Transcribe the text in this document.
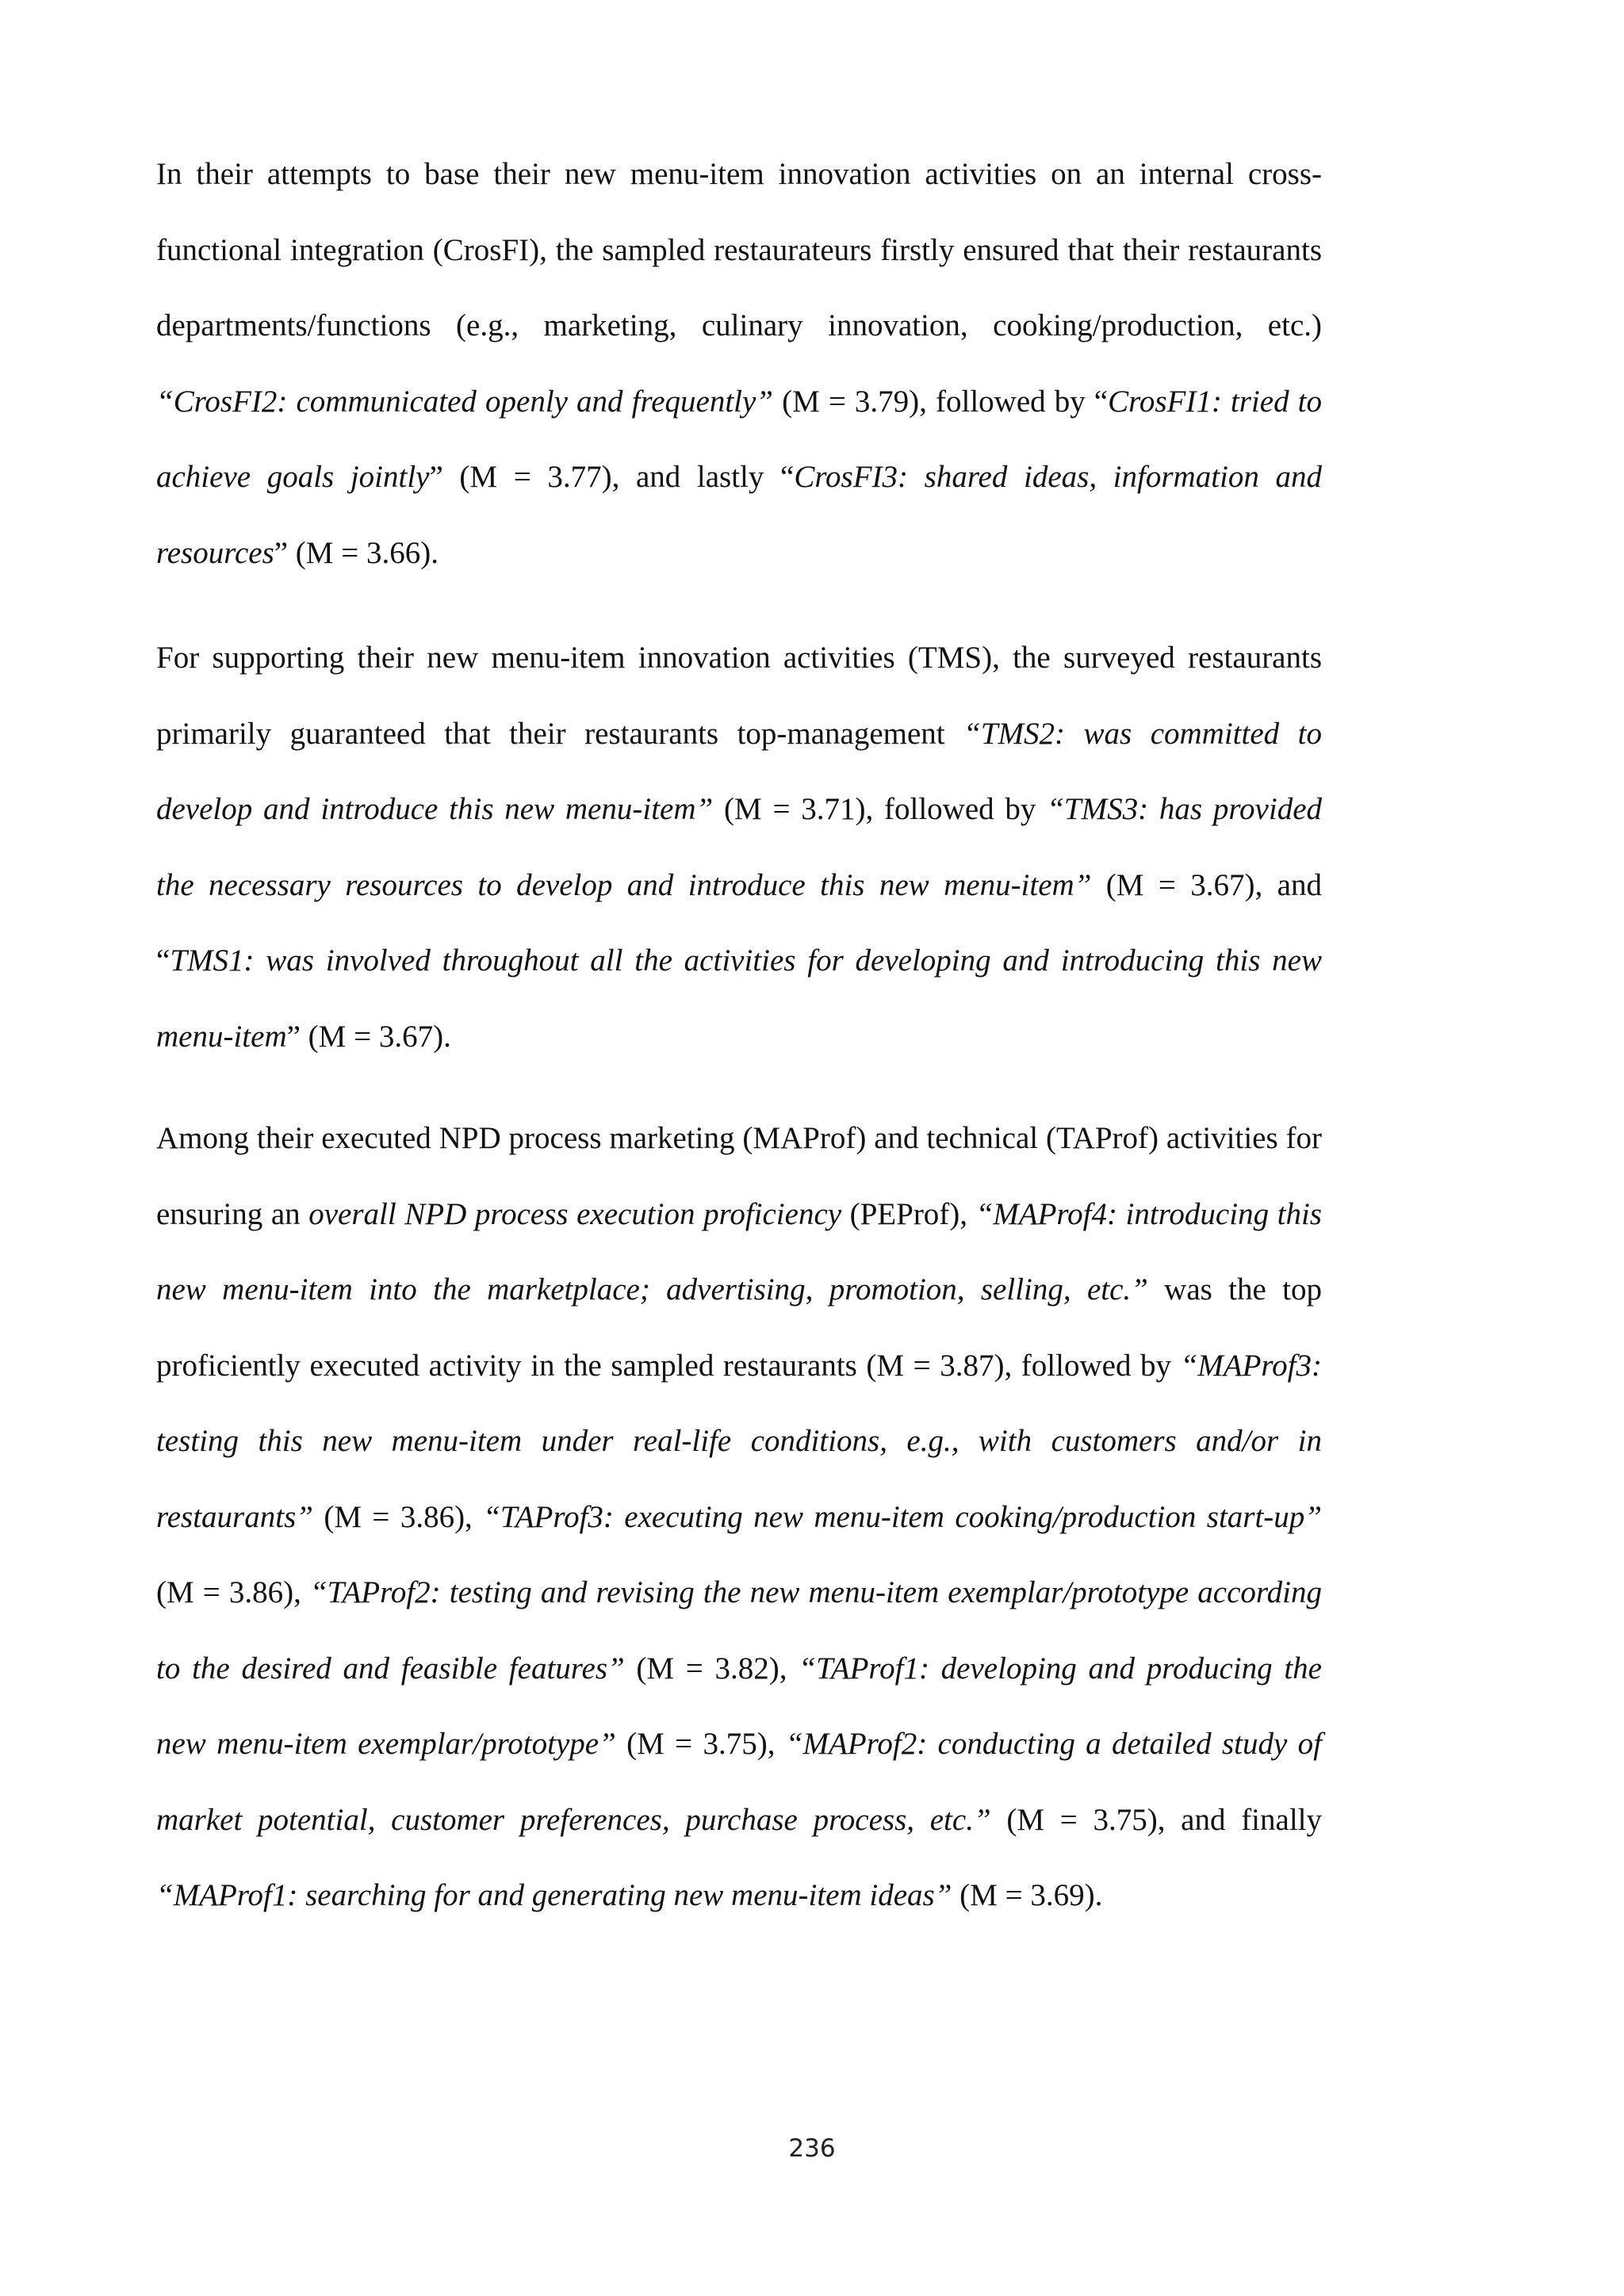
In their attempts to base their new menu-item innovation activities on an internal cross-functional integration (CrosFI), the sampled restaurateurs firstly ensured that their restaurants departments/functions (e.g., marketing, culinary innovation, cooking/production, etc.) “CrosFI2: communicated openly and frequently” (M = 3.79), followed by “CrosFI1: tried to achieve goals jointly” (M = 3.77), and lastly “CrosFI3: shared ideas, information and resources” (M = 3.66).

For supporting their new menu-item innovation activities (TMS), the surveyed restaurants primarily guaranteed that their restaurants top-management “TMS2: was committed to develop and introduce this new menu-item” (M = 3.71), followed by “TMS3: has provided the necessary resources to develop and introduce this new menu-item” (M = 3.67), and “TMS1: was involved throughout all the activities for developing and introducing this new menu-item” (M = 3.67).

Among their executed NPD process marketing (MAProf) and technical (TAProf) activities for ensuring an overall NPD process execution proficiency (PEProf), “MAProf4: introducing this new menu-item into the marketplace; advertising, promotion, selling, etc.” was the top proficiently executed activity in the sampled restaurants (M = 3.87), followed by “MAProf3: testing this new menu-item under real-life conditions, e.g., with customers and/or in restaurants” (M = 3.86), “TAProf3: executing new menu-item cooking/production start-up” (M = 3.86), “TAProf2: testing and revising the new menu-item exemplar/prototype according to the desired and feasible features” (M = 3.82), “TAProf1: developing and producing the new menu-item exemplar/prototype” (M = 3.75), “MAProf2: conducting a detailed study of market potential, customer preferences, purchase process, etc.” (M = 3.75), and finally “MAProf1: searching for and generating new menu-item ideas” (M = 3.69).

236
